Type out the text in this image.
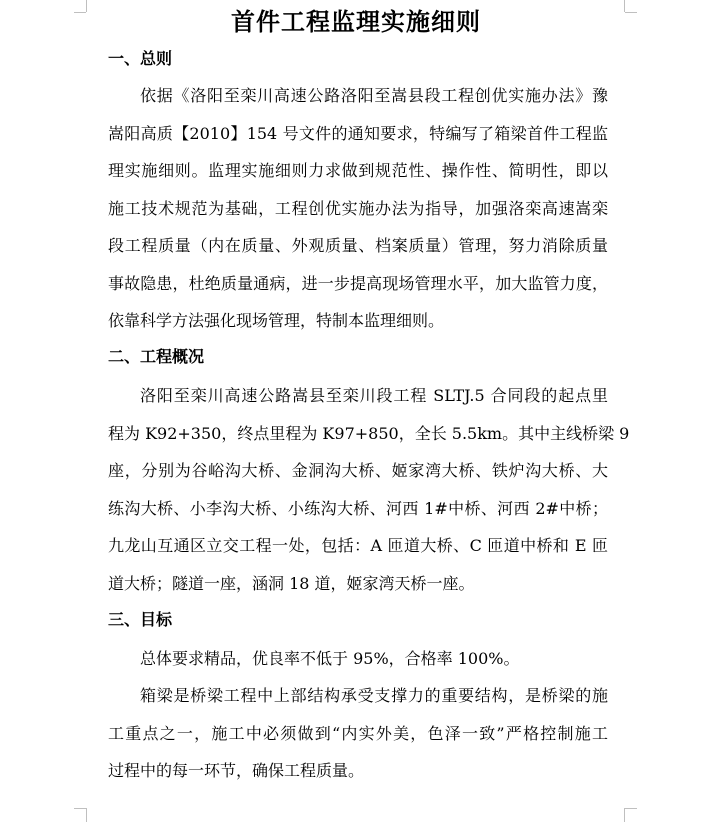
首件工程监理实施细则
一、总则
依据《洛阳至栾川高速公路洛阳至嵩县段工程创优实施办法》豫
嵩阳高质【2010】154 号文件的通知要求，特编写了箱梁首件工程监
理实施细则。监理实施细则力求做到规范性、操作性、简明性，即以
施工技术规范为基础，工程创优实施办法为指导，加强洛栾高速嵩栾
段工程质量（内在质量、外观质量、档案质量）管理，努力消除质量
事故隐患，杜绝质量通病，进一步提高现场管理水平，加大监管力度，
依靠科学方法强化现场管理，特制本监理细则。
二、工程概况
洛阳至栾川高速公路嵩县至栾川段工程 SLTJ.5 合同段的起点里
程为 K92+350，终点里程为 K97+850，全长 5.5km。其中主线桥梁 9
座，分别为谷峪沟大桥、金洞沟大桥、姬家湾大桥、铁炉沟大桥、大
练沟大桥、小李沟大桥、小练沟大桥、河西 1#中桥、河西 2#中桥；
九龙山互通区立交工程一处，包括：A 匝道大桥、C 匝道中桥和 E 匝
道大桥；隧道一座，涵洞 18 道，姬家湾天桥一座。
三、目标
总体要求精品，优良率不低于 95%，合格率 100%。
箱梁是桥梁工程中上部结构承受支撑力的重要结构，是桥梁的施
工重点之一，施工中必须做到“内实外美，色泽一致”严格控制施工
过程中的每一环节，确保工程质量。
